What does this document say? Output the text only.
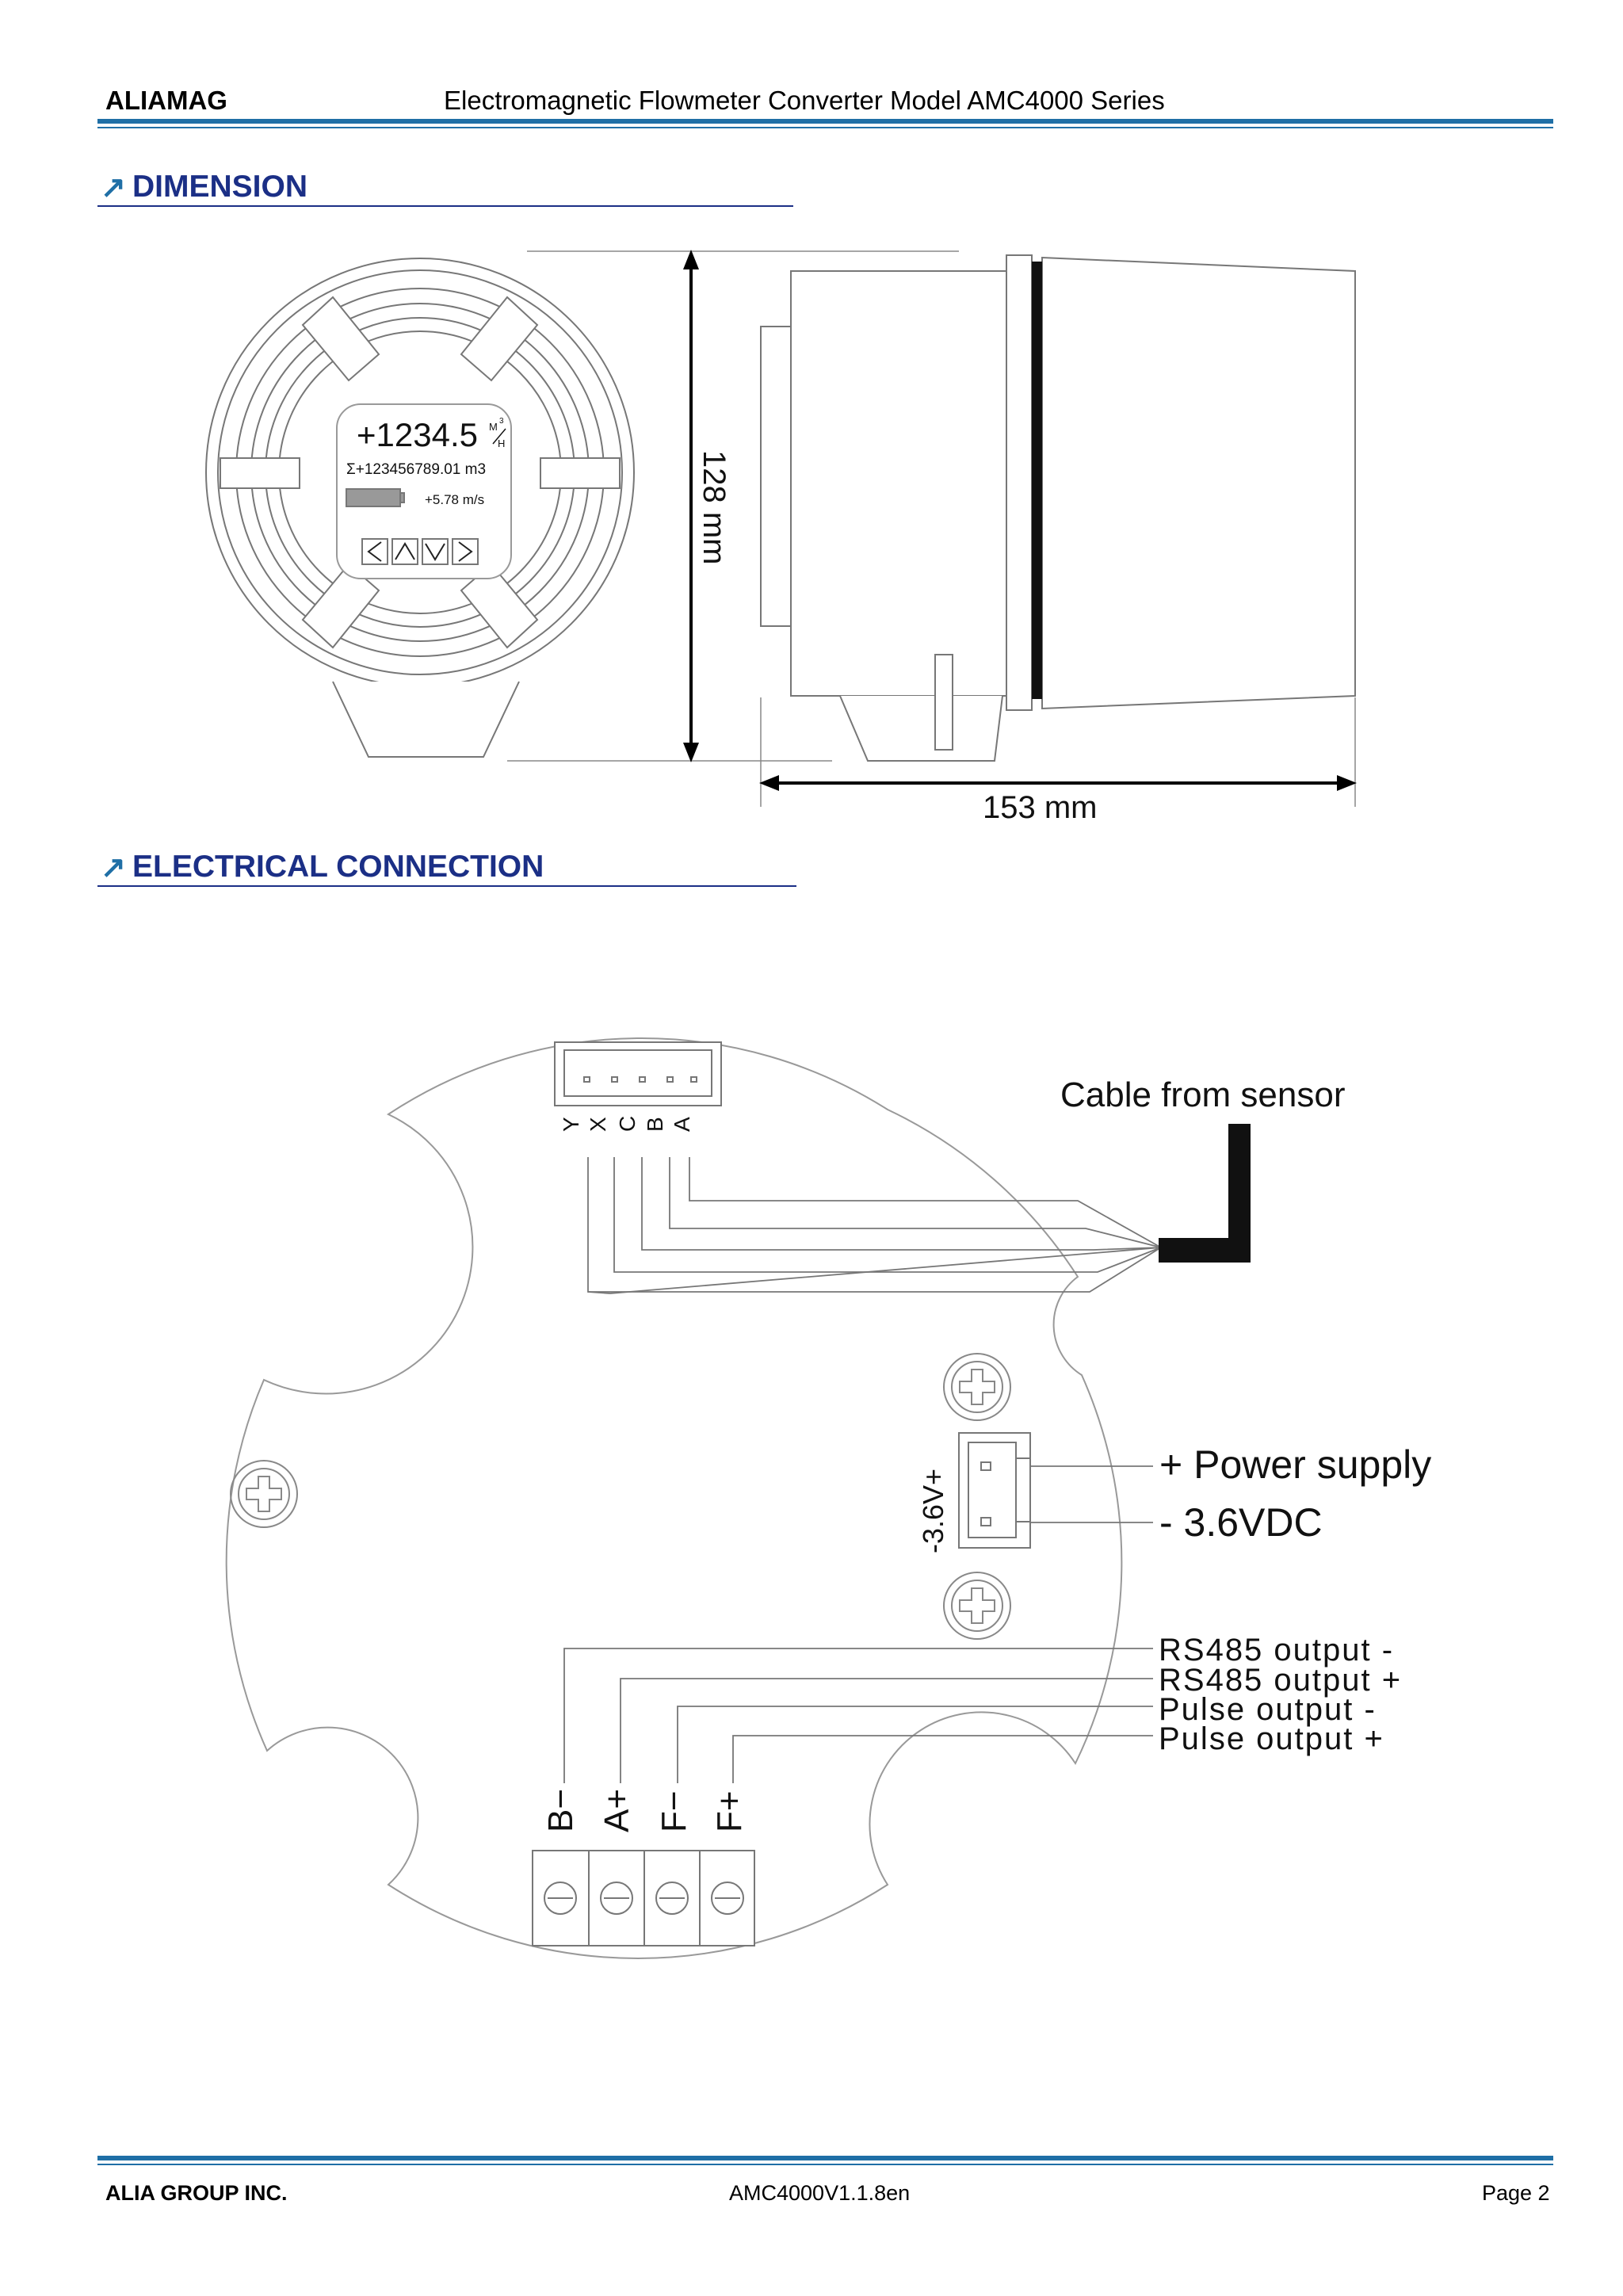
ALIAMAG	Electromagnetic Flowmeter Converter Model AMC4000 Series
↗ DIMENSION
+1234.5 M 3
H
Σ+123456789.01 m3
+5.78 m/s	128 mm
153 mm
↗ ELECTRICAL CONNECTION
Y X C B A
Cable from sensor
-3.6V+
+ Power supply
- 3.6VDC
RS485 output -
RS485 output +
Pulse output -
Pulse output +
B− A+ F− F+
ALIA GROUP INC.	AMC4000V1.1.8en	Page 2
